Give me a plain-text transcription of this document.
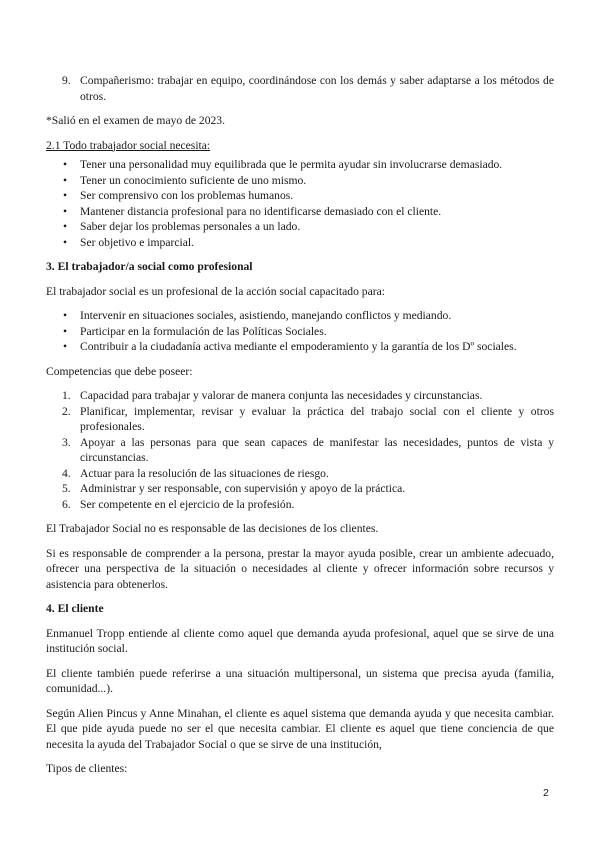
9. Compañerismo: trabajar en equipo, coordinándose con los demás y saber adaptarse a los métodos de otros.

*Salió en el examen de mayo de 2023.

2.1 Todo trabajador social necesita:

• Tener una personalidad muy equilibrada que le permita ayudar sin involucrarse demasiado.
• Tener un conocimiento suficiente de uno mismo.
• Ser comprensivo con los problemas humanos.
• Mantener distancia profesional para no identificarse demasiado con el cliente.
• Saber dejar los problemas personales a un lado.
• Ser objetivo e imparcial.

3. El trabajador/a social como profesional

El trabajador social es un profesional de la acción social capacitado para:

• Intervenir en situaciones sociales, asistiendo, manejando conflictos y mediando.
• Participar en la formulación de las Políticas Sociales.
• Contribuir a la ciudadanía activa mediante el empoderamiento y la garantía de los Dº sociales.

Competencias que debe poseer:

1. Capacidad para trabajar y valorar de manera conjunta las necesidades y circunstancias.
2. Planificar, implementar, revisar y evaluar la práctica del trabajo social con el cliente y otros profesionales.
3. Apoyar a las personas para que sean capaces de manifestar las necesidades, puntos de vista y circunstancias.
4. Actuar para la resolución de las situaciones de riesgo.
5. Administrar y ser responsable, con supervisión y apoyo de la práctica.
6. Ser competente en el ejercicio de la profesión.

El Trabajador Social no es responsable de las decisiones de los clientes.

Si es responsable de comprender a la persona, prestar la mayor ayuda posible, crear un ambiente adecuado, ofrecer una perspectiva de la situación o necesidades al cliente y ofrecer información sobre recursos y asistencia para obtenerlos.

4. El cliente

Enmanuel Tropp entiende al cliente como aquel que demanda ayuda profesional, aquel que se sirve de una institución social.

El cliente también puede referirse a una situación multipersonal, un sistema que precisa ayuda (familia, comunidad...).

Según Alien Pincus y Anne Minahan, el cliente es aquel sistema que demanda ayuda y que necesita cambiar. El que pide ayuda puede no ser el que necesita cambiar. El cliente es aquel que tiene conciencia de que necesita la ayuda del Trabajador Social o que se sirve de una institución,

Tipos de clientes:

2
